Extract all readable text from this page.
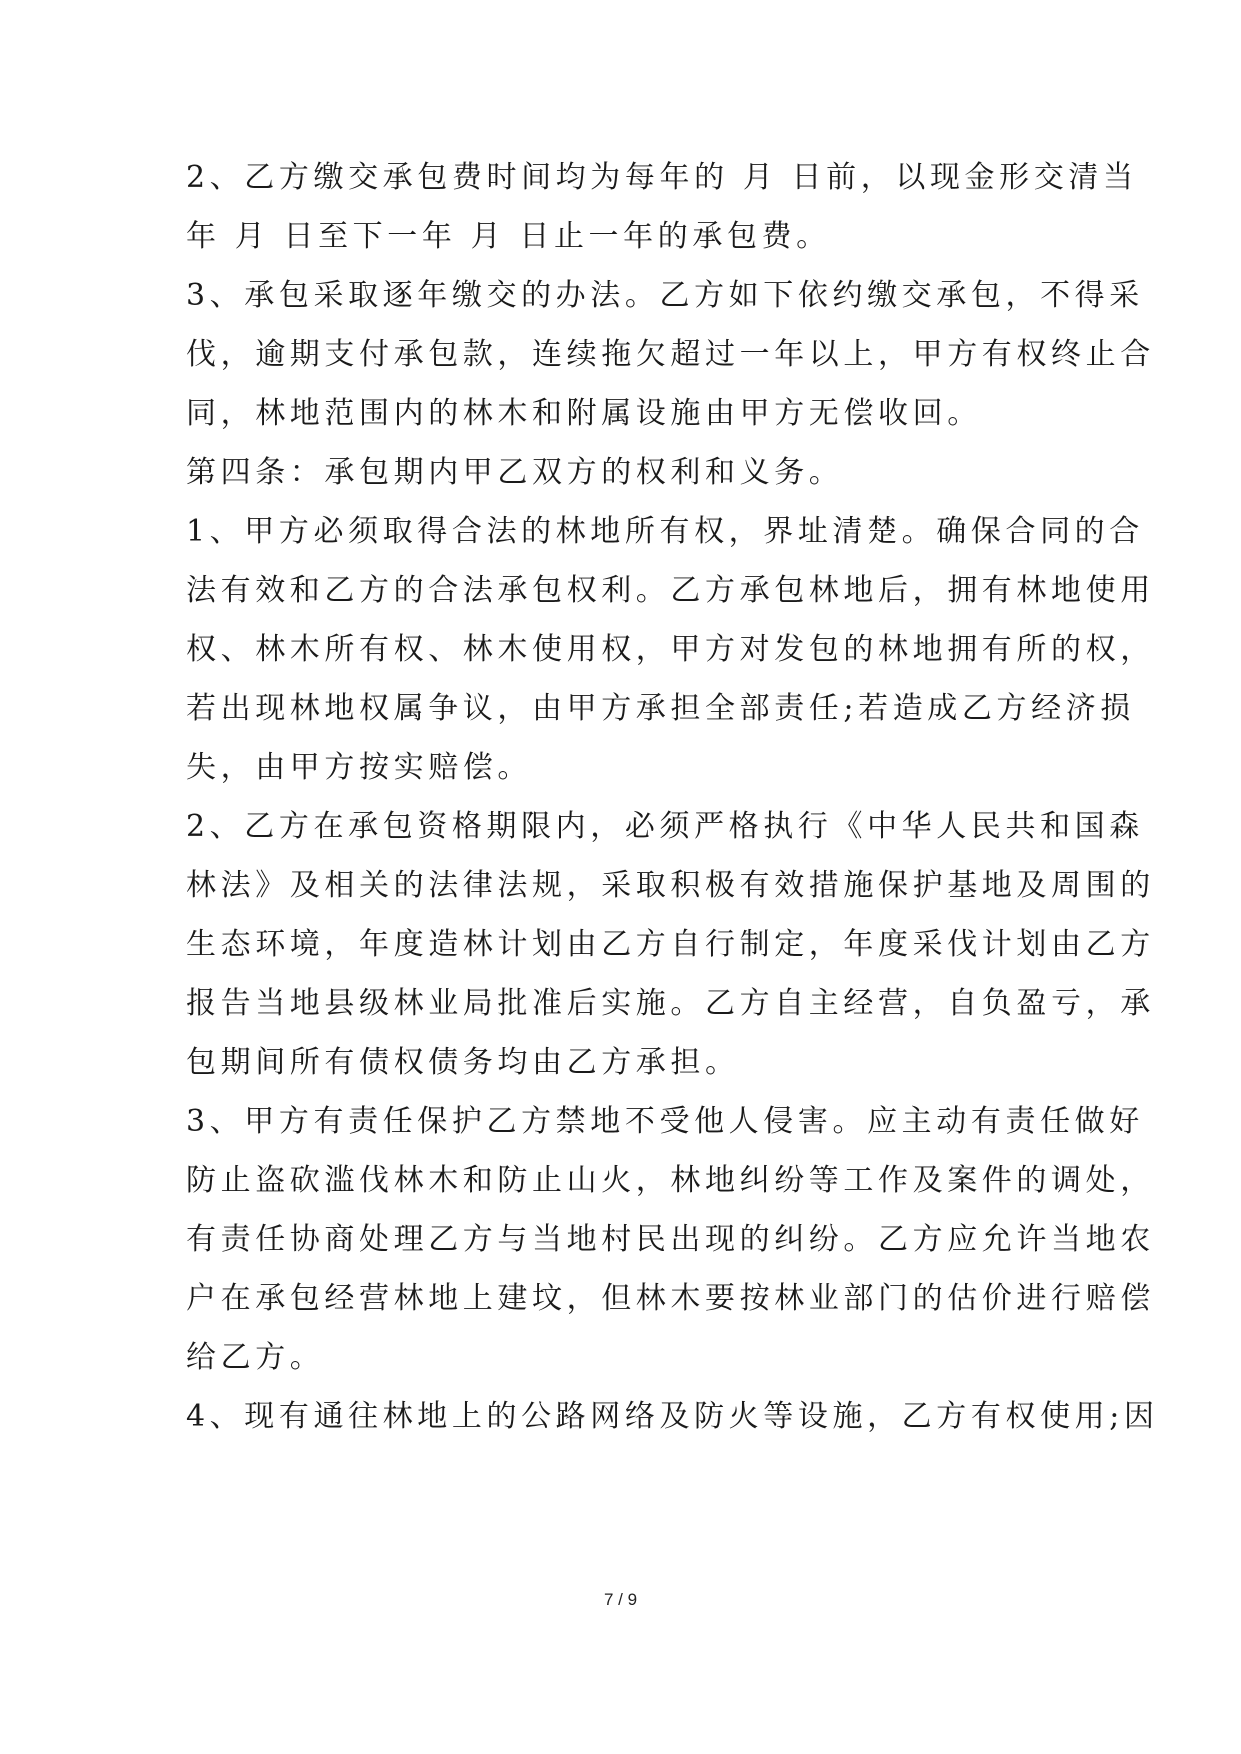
2、乙方缴交承包费时间均为每年的 月 日前，以现金形交清当
年 月 日至下一年 月 日止一年的承包费。
3、承包采取逐年缴交的办法。乙方如下依约缴交承包，不得采
伐，逾期支付承包款，连续拖欠超过一年以上，甲方有权终止合
同，林地范围内的林木和附属设施由甲方无偿收回。
第四条：承包期内甲乙双方的权利和义务。
1、甲方必须取得合法的林地所有权，界址清楚。确保合同的合
法有效和乙方的合法承包权利。乙方承包林地后，拥有林地使用
权、林木所有权、林木使用权，甲方对发包的林地拥有所的权，
若出现林地权属争议，由甲方承担全部责任;若造成乙方经济损
失，由甲方按实赔偿。
2、乙方在承包资格期限内，必须严格执行《中华人民共和国森
林法》及相关的法律法规，采取积极有效措施保护基地及周围的
生态环境，年度造林计划由乙方自行制定，年度采伐计划由乙方
报告当地县级林业局批准后实施。乙方自主经营，自负盈亏，承
包期间所有债权债务均由乙方承担。
3、甲方有责任保护乙方禁地不受他人侵害。应主动有责任做好
防止盗砍滥伐林木和防止山火，林地纠纷等工作及案件的调处，
有责任协商处理乙方与当地村民出现的纠纷。乙方应允许当地农
户在承包经营林地上建坟，但林木要按林业部门的估价进行赔偿
给乙方。
4、现有通往林地上的公路网络及防火等设施，乙方有权使用;因
7 / 9
